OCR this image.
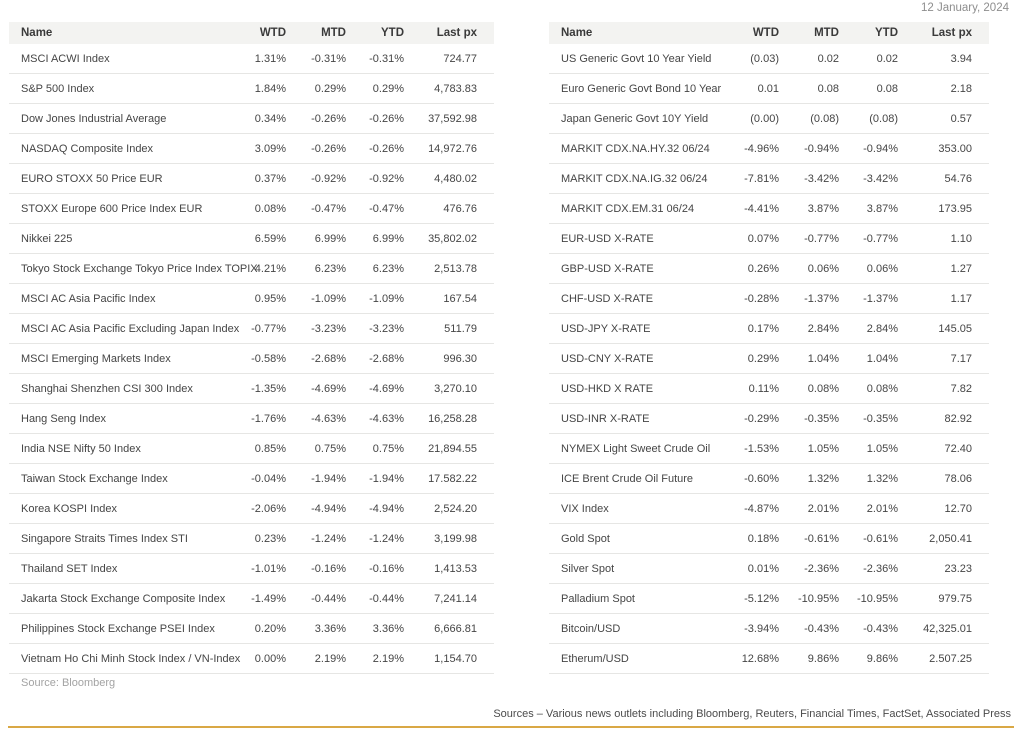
12 January, 2024
Name	WTD	MTD	YTD	Last px
MSCI ACWI Index	1.31%	-0.31%	-0.31%	724.77
S&P 500 Index	1.84%	0.29%	0.29%	4,783.83
Dow Jones Industrial Average	0.34%	-0.26%	-0.26%	37,592.98
NASDAQ Composite Index	3.09%	-0.26%	-0.26%	14,972.76
EURO STOXX 50 Price EUR	0.37%	-0.92%	-0.92%	4,480.02
STOXX Europe 600 Price Index EUR	0.08%	-0.47%	-0.47%	476.76
Nikkei 225	6.59%	6.99%	6.99%	35,802.02
Tokyo Stock Exchange Tokyo Price Index TOPIX	4.21%	6.23%	6.23%	2,513.78
MSCI AC Asia Pacific Index	0.95%	-1.09%	-1.09%	167.54
MSCI AC Asia Pacific Excluding Japan Index	-0.77%	-3.23%	-3.23%	511.79
MSCI Emerging Markets Index	-0.58%	-2.68%	-2.68%	996.30
Shanghai Shenzhen CSI 300 Index	-1.35%	-4.69%	-4.69%	3,270.10
Hang Seng Index	-1.76%	-4.63%	-4.63%	16,258.28
India NSE Nifty 50 Index	0.85%	0.75%	0.75%	21,894.55
Taiwan Stock Exchange Index	-0.04%	-1.94%	-1.94%	17.582.22
Korea KOSPI Index	-2.06%	-4.94%	-4.94%	2,524.20
Singapore Straits Times Index STI	0.23%	-1.24%	-1.24%	3,199.98
Thailand SET Index	-1.01%	-0.16%	-0.16%	1,413.53
Jakarta Stock Exchange Composite Index	-1.49%	-0.44%	-0.44%	7,241.14
Philippines Stock Exchange PSEI Index	0.20%	3.36%	3.36%	6,666.81
Vietnam Ho Chi Minh Stock Index / VN-Index	0.00%	2.19%	2.19%	1,154.70
Name	WTD	MTD	YTD	Last px
US Generic Govt 10 Year Yield	(0.03)	0.02	0.02	3.94
Euro Generic Govt Bond 10 Year	0.01	0.08	0.08	2.18
Japan Generic Govt 10Y Yield	(0.00)	(0.08)	(0.08)	0.57
MARKIT CDX.NA.HY.32 06/24	-4.96%	-0.94%	-0.94%	353.00
MARKIT CDX.NA.IG.32 06/24	-7.81%	-3.42%	-3.42%	54.76
MARKIT CDX.EM.31 06/24	-4.41%	3.87%	3.87%	173.95
EUR-USD X-RATE	0.07%	-0.77%	-0.77%	1.10
GBP-USD X-RATE	0.26%	0.06%	0.06%	1.27
CHF-USD X-RATE	-0.28%	-1.37%	-1.37%	1.17
USD-JPY X-RATE	0.17%	2.84%	2.84%	145.05
USD-CNY X-RATE	0.29%	1.04%	1.04%	7.17
USD-HKD X RATE	0.11%	0.08%	0.08%	7.82
USD-INR X-RATE	-0.29%	-0.35%	-0.35%	82.92
NYMEX Light Sweet Crude Oil	-1.53%	1.05%	1.05%	72.40
ICE Brent Crude Oil Future	-0.60%	1.32%	1.32%	78.06
VIX Index	-4.87%	2.01%	2.01%	12.70
Gold Spot	0.18%	-0.61%	-0.61%	2,050.41
Silver Spot	0.01%	-2.36%	-2.36%	23.23
Palladium Spot	-5.12%	-10.95%	-10.95%	979.75
Bitcoin/USD	-3.94%	-0.43%	-0.43%	42,325.01
Etherum/USD	12.68%	9.86%	9.86%	2.507.25
Source: Bloomberg
Sources – Various news outlets including Bloomberg, Reuters, Financial Times, FactSet, Associated Press
